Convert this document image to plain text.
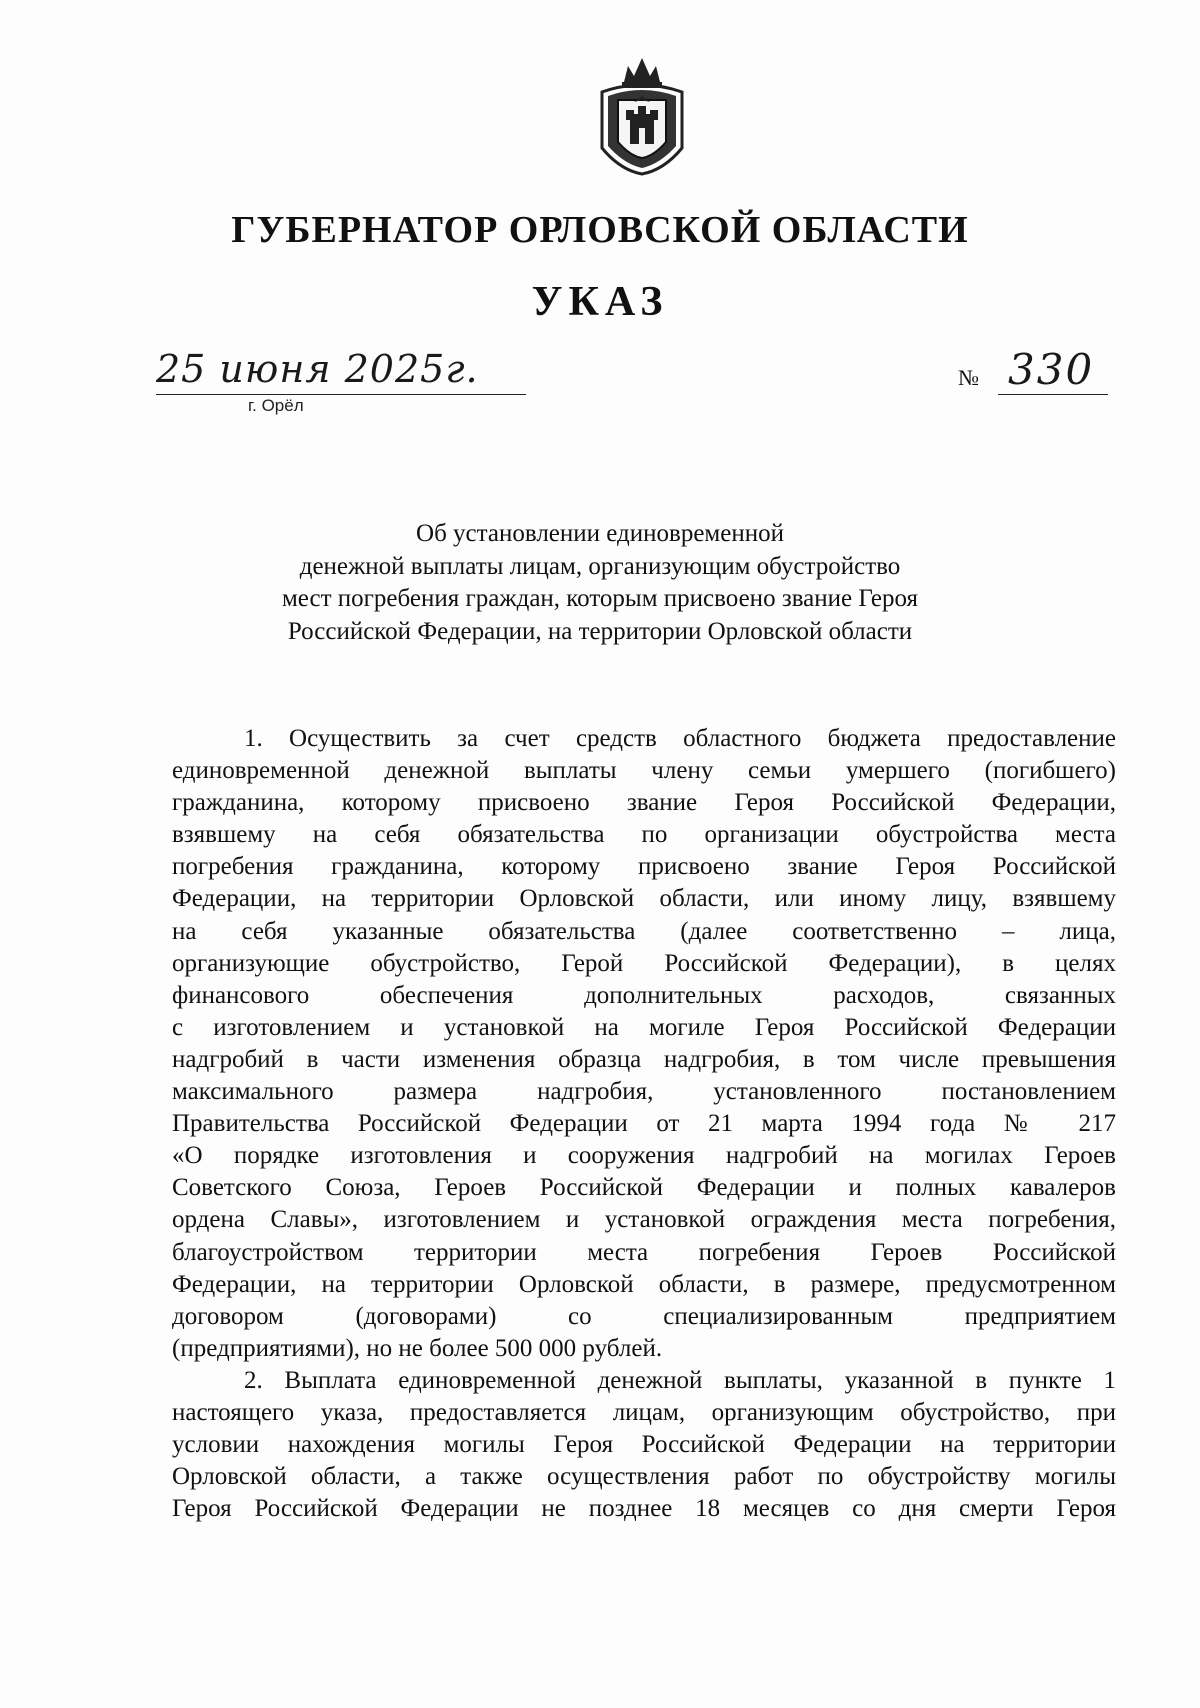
ГУБЕРНАТОР ОРЛОВСКОЙ ОБЛАСТИ
УКАЗ
25 июня 2025г.
г. Орёл
№ 330
Об установлении единовременной
денежной выплаты лицам, организующим обустройство
мест погребения граждан, которым присвоено звание Героя
Российской Федерации, на территории Орловской области
1. Осуществить за счет средств областного бюджета предоставление
единовременной денежной выплаты члену семьи умершего (погибшего)
гражданина, которому присвоено звание Героя Российской Федерации,
взявшему на себя обязательства по организации обустройства места
погребения гражданина, которому присвоено звание Героя Российской
Федерации, на территории Орловской области, или иному лицу, взявшему
на себя указанные обязательства (далее соответственно – лица,
организующие обустройство, Герой Российской Федерации), в целях
финансового обеспечения дополнительных расходов, связанных
с изготовлением и установкой на могиле Героя Российской Федерации
надгробий в части изменения образца надгробия, в том числе превышения
максимального размера надгробия, установленного постановлением
Правительства Российской Федерации от 21 марта 1994 года № 217
«О порядке изготовления и сооружения надгробий на могилах Героев
Советского Союза, Героев Российской Федерации и полных кавалеров
ордена Славы», изготовлением и установкой ограждения места погребения,
благоустройством территории места погребения Героев Российской
Федерации, на территории Орловской области, в размере, предусмотренном
договором (договорами) со специализированным предприятием
(предприятиями), но не более 500 000 рублей.
2. Выплата единовременной денежной выплаты, указанной в пункте 1
настоящего указа, предоставляется лицам, организующим обустройство, при
условии нахождения могилы Героя Российской Федерации на территории
Орловской области, а также осуществления работ по обустройству могилы
Героя Российской Федерации не позднее 18 месяцев со дня смерти Героя
